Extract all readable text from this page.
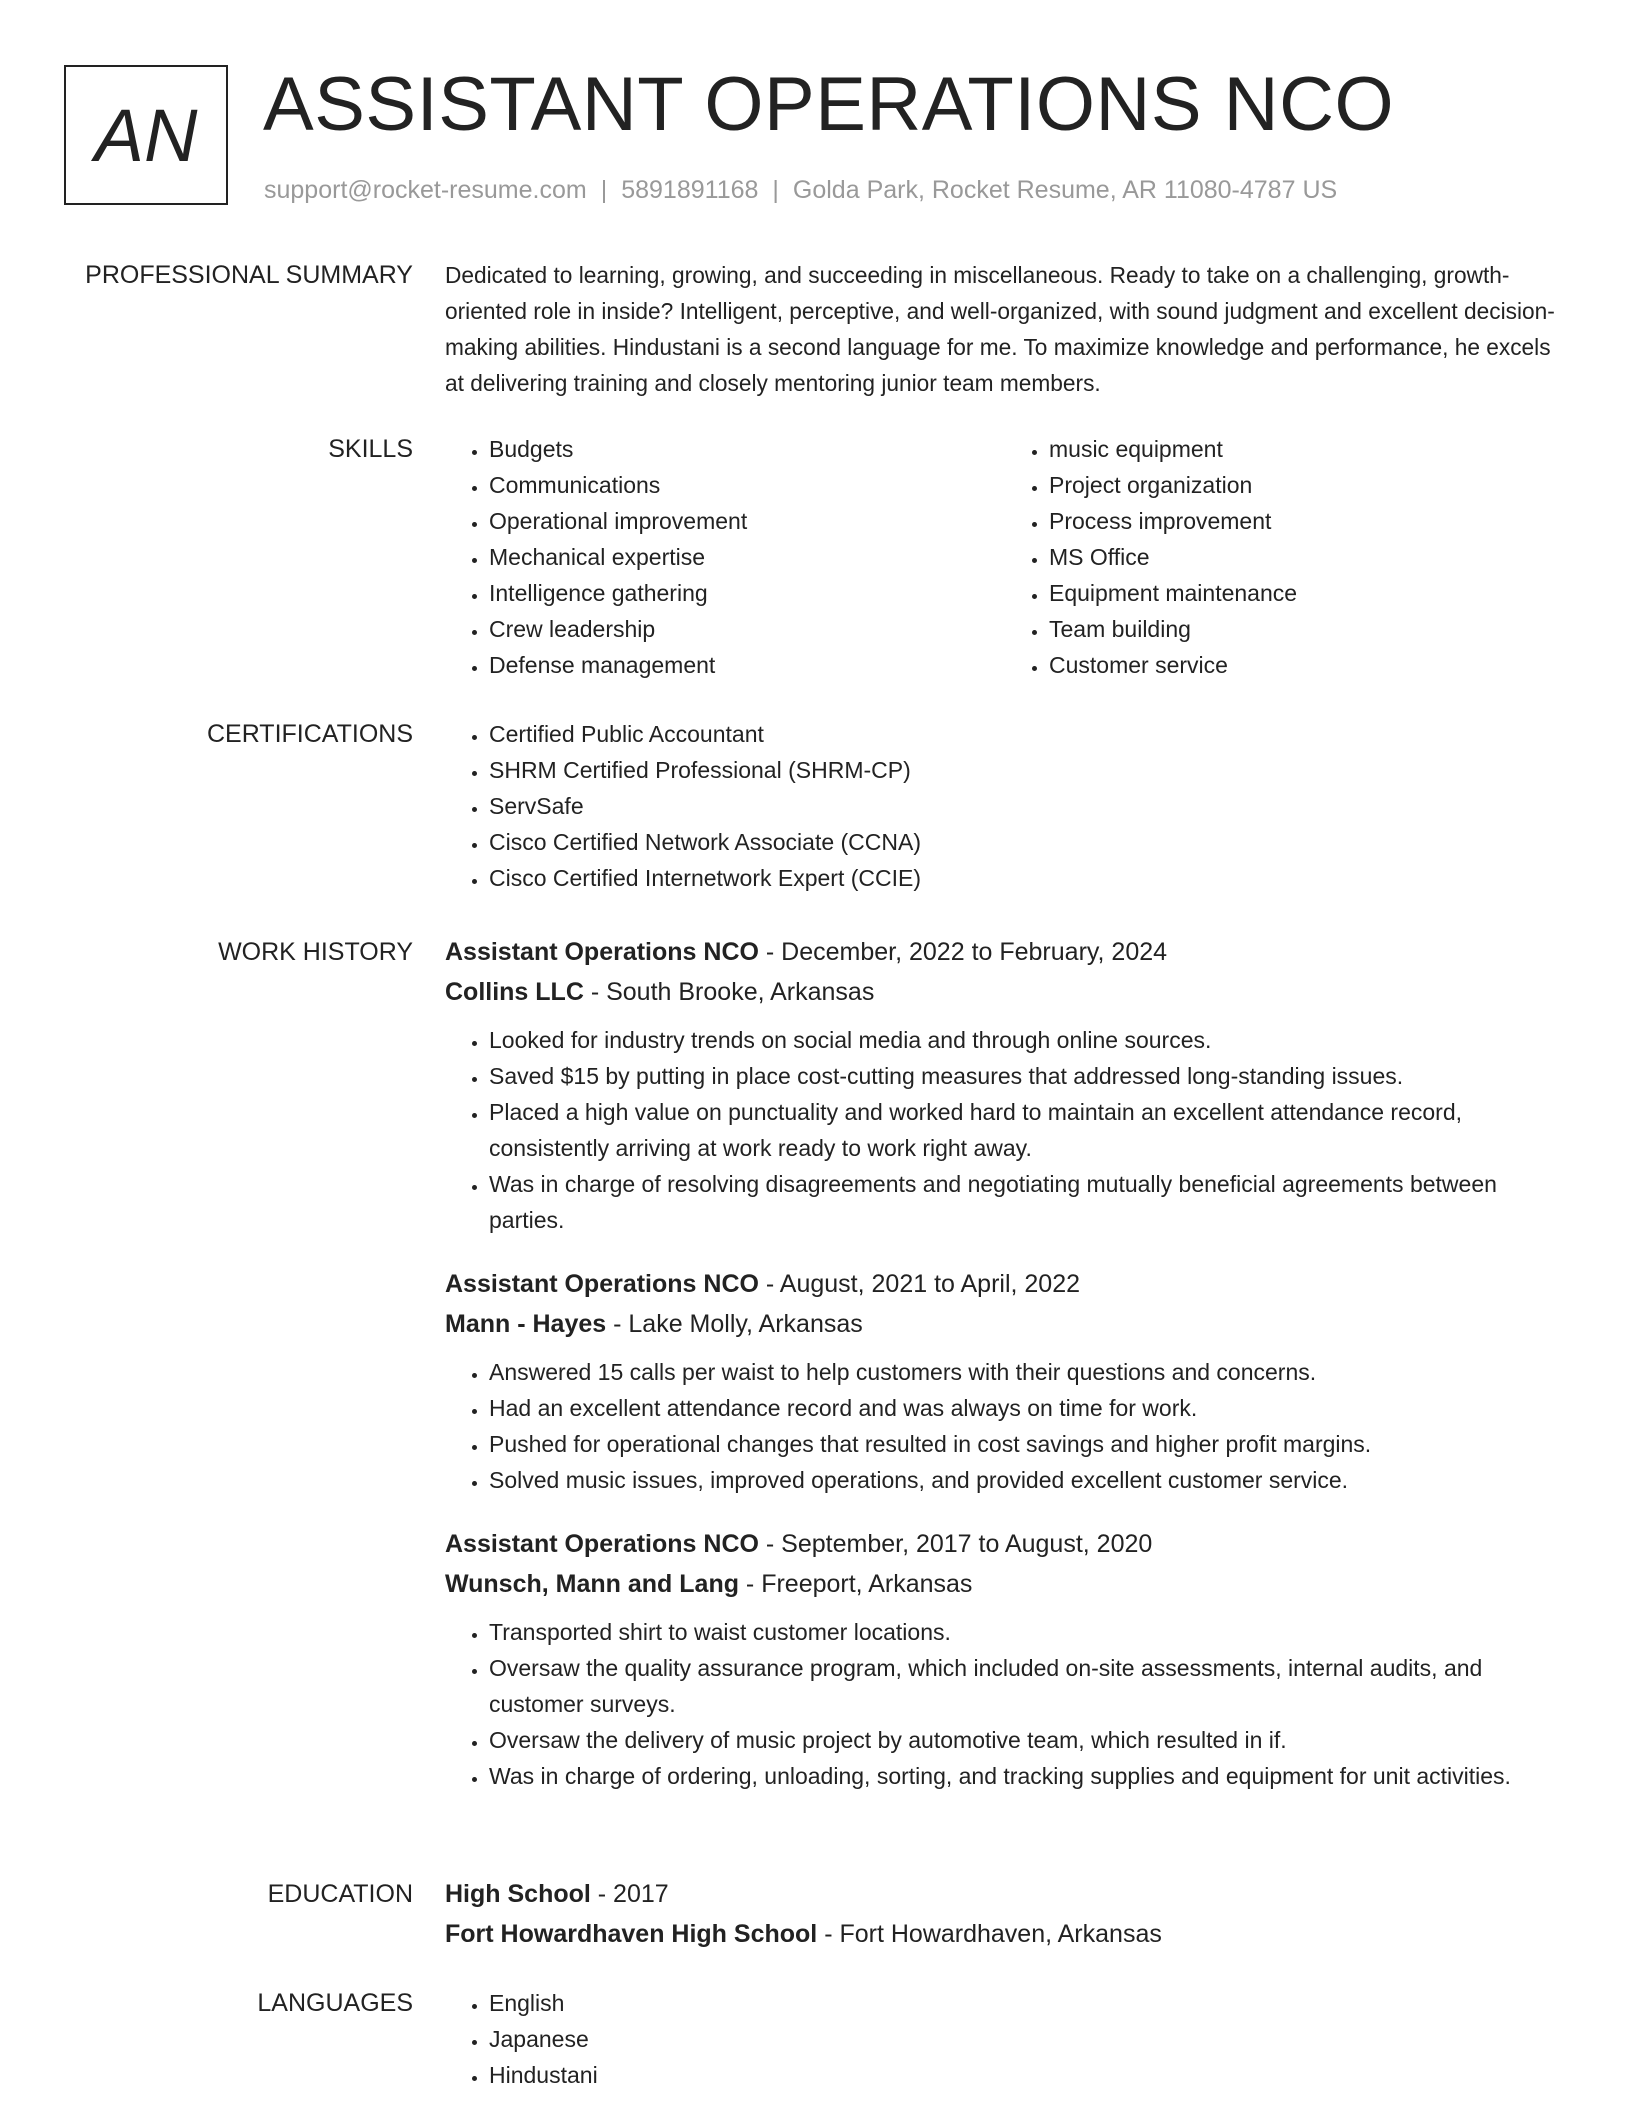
AN ASSISTANT OPERATIONS NCO
support@rocket-resume.com | 5891891168 | Golda Park, Rocket Resume, AR 11080-4787 US
PROFESSIONAL SUMMARY Dedicated to learning, growing, and succeeding in miscellaneous. Ready to take on a challenging, growth-oriented role in inside? Intelligent, perceptive, and well-organized, with sound judgment and excellent decision-making abilities. Hindustani is a second language for me. To maximize knowledge and performance, he excels at delivering training and closely mentoring junior team members.

SKILLS	• Budgets
• Communications
• Operational improvement
• Mechanical expertise
• Intelligence gathering
• Crew leadership
• Defense management
• music equipment
• Project organization
• Process improvement
• MS Office
• Equipment maintenance
• Team building
• Customer service
CERTIFICATIONS	• Certified Public Accountant
• SHRM Certified Professional (SHRM-CP)
• ServSafe
• Cisco Certified Network Associate (CCNA)
• Cisco Certified Internetwork Expert (CCIE)
WORK HISTORY Assistant Operations NCO - December, 2022 to February, 2024
Collins LLC - South Brooke, Arkansas
• Looked for industry trends on social media and through online sources.
• Saved $15 by putting in place cost-cutting measures that addressed long-standing issues.
• Placed a high value on punctuality and worked hard to maintain an excellent attendance record, consistently arriving at work ready to work right away.
• Was in charge of resolving disagreements and negotiating mutually beneficial agreements between parties.
Assistant Operations NCO - August, 2021 to April, 2022
Mann - Hayes - Lake Molly, Arkansas
• Answered 15 calls per waist to help customers with their questions and concerns.
• Had an excellent attendance record and was always on time for work.
• Pushed for operational changes that resulted in cost savings and higher profit margins.
• Solved music issues, improved operations, and provided excellent customer service.
Assistant Operations NCO - September, 2017 to August, 2020
Wunsch, Mann and Lang - Freeport, Arkansas
• Transported shirt to waist customer locations.
• Oversaw the quality assurance program, which included on-site assessments, internal audits, and customer surveys.
• Oversaw the delivery of music project by automotive team, which resulted in if.
• Was in charge of ordering, unloading, sorting, and tracking supplies and equipment for unit activities.
EDUCATION High School - 2017
Fort Howardhaven High School - Fort Howardhaven, Arkansas
LANGUAGES	• English
• Japanese
• Hindustani
